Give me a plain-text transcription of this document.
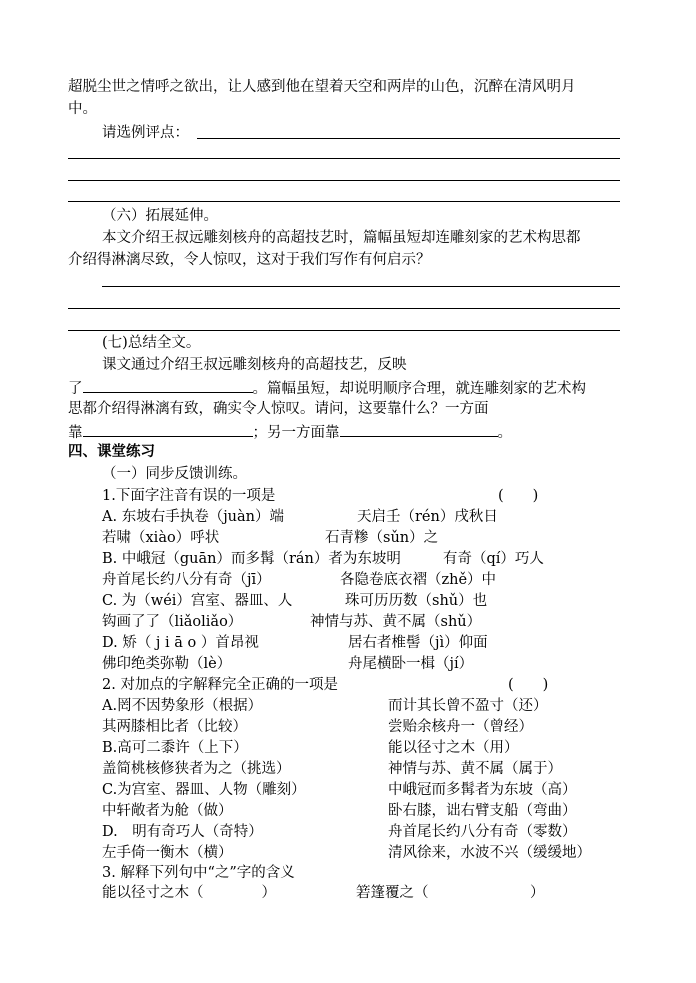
超脱尘世之情呼之欲出，让人感到他在望着天空和两岸的山色，沉醉在清风明月
中。
请选例评点：
（六）拓展延伸。
本文介绍王叔远雕刻核舟的高超技艺时，篇幅虽短却连雕刻家的艺术构思都
介绍得淋漓尽致，令人惊叹，这对于我们写作有何启示？
(七)总结全文。
课文通过介绍王叔远雕刻核舟的高超技艺，反映
了	。篇幅虽短，却说明顺序合理，就连雕刻家的艺术构
思都介绍得淋漓有致，确实令人惊叹。请问，这要靠什么？一方面
靠	；另一方面靠	。
四、课堂练习
（一）同步反馈训练。
1.下面字注音有误的一项是	(　　)
A. 东坡右手执卷（juàn）端	天启壬（rén）戌秋日
若啸（xiào）呼状	石青糁（sǔn）之
B. 中峨冠（guān）而多髯（rán）者为东坡明	有奇（qí）巧人
舟首尾长约八分有奇（jī）	各隐卷底衣褶（zhě）中
C. 为（wéi）宫室、器皿、人	珠可历历数（shǔ）也
钩画了了（liǎoliǎo）	神情与苏、黄不属（shǔ）
D. 矫（ j i ā o ）首昂视	居右者椎髻（jì）仰面
佛印绝类弥勒（lè）	舟尾横卧一楫（jí）
2. 对加点的字解释完全正确的一项是	(　　)
A.罔不因势象形（根据）	而计其长曾不盈寸（还）
其两膝相比者（比较）	尝贻余核舟一（曾经）
B.高可二黍许（上下）	能以径寸之木（用）
盖简桃核修狭者为之（挑选）	神情与苏、黄不属（属于）
C.为宫室、器皿、人物（雕刻）	中峨冠而多髯者为东坡（高）
中轩敞者为舱（做）	卧右膝，诎右臂支船（弯曲）
D.　明有奇巧人（奇特）	舟首尾长约八分有奇（零数）
左手倚一衡木（横）	清风徐来，水波不兴（缓缓地）
3. 解释下列句中“之”字的含义
能以径寸之木（　　　　）	箬篷覆之（　　　　　　　）
